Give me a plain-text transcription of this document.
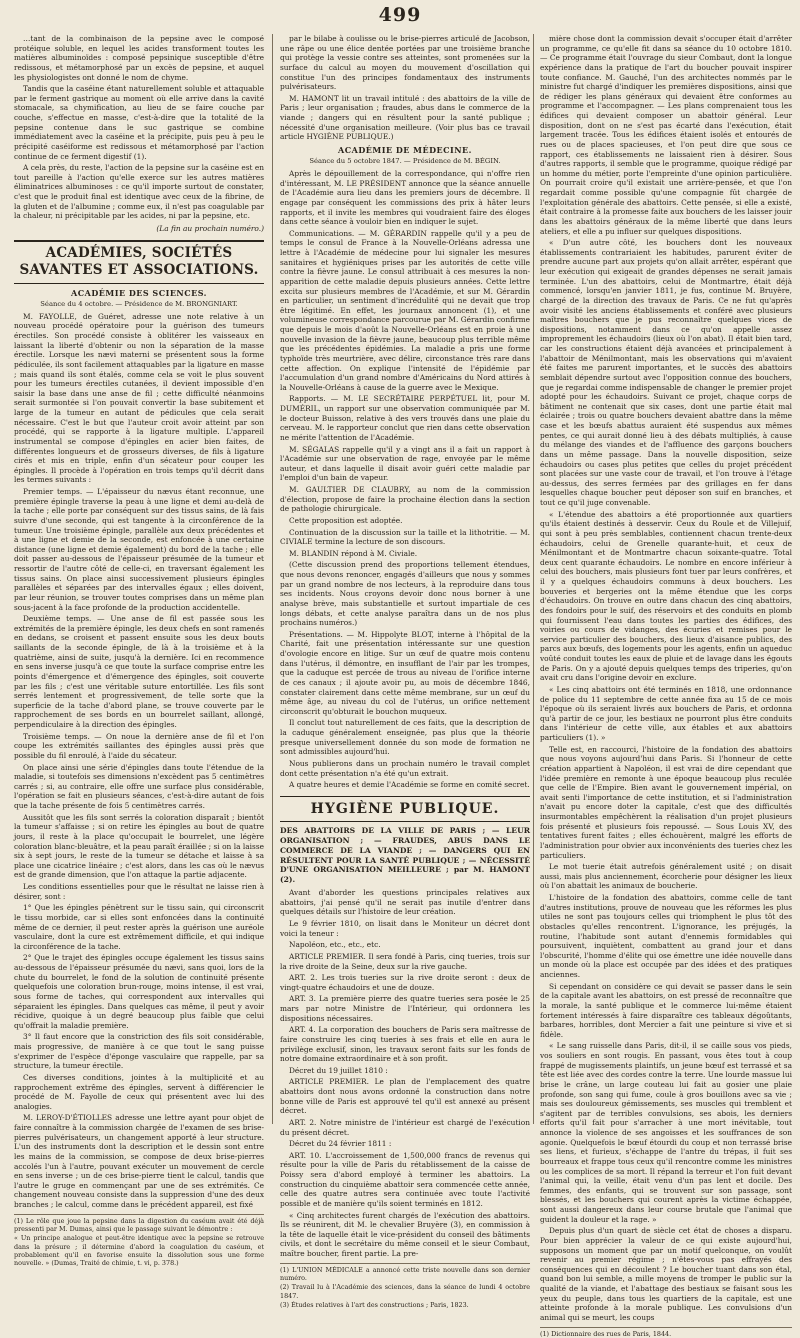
499

…tant de la combinaison de la pepsine avec le composé protéique soluble, en lequel les acides transforment toutes les matières albuminoïdes : composé pepsinique susceptible d'être redissous, et métamorphosé par un excès de pepsine, et auquel les physiologistes ont donné le nom de chyme.

Tandis que la caséine étant naturellement soluble et attaquable par le ferment gastrique au moment où elle arrive dans la cavité stomacale, sa chymification, au lieu de se faire couche par couche, s'effectue en masse, c'est-à-dire que la totalité de la pepsine contenue dans le suc gastrique se combine immédiatement avec la caséine et la précipite, puis peu à peu le précipité caséiforme est redissous et métamorphosé par l'action continue de ce ferment digestif (1).

A cela près, du reste, l'action de la pepsine sur la caséine est en tout pareille à l'action qu'elle exerce sur les autres matières éliminatrices albuminoses : ce qu'il importe surtout de constater, c'est que le produit final est identique avec ceux de la fibrine, de la gluten et de l'albumine ; comme eux, il n'est pas coagulable par la chaleur, ni précipitable par les acides, ni par la pepsine, etc.

(La fin au prochain numéro.)
ACADÉMIES, SOCIÉTÉS SAVANTES ET ASSOCIATIONS.
ACADÉMIE DES SCIENCES.
Séance du 4 octobre. — Présidence de M. BRONGNIART.

M. FAYOLLE, de Guéret, adresse une note relative à un nouveau procédé opératoire pour la guérison des tumeurs érectiles. Son procédé consiste à oblitérer les vaisseaux en laissant la liberté d'obtenir ou non la séparation de la masse érectile. Lorsque les nævi materni se présentent sous la forme pédiculée, ils sont facilement attaquables par la ligature en masse ; mais quand ils sont étalés, comme cela se voit le plus souvent pour les tumeurs érectiles cutanées, il devient impossible d'en saisir la base dans une anse de fil ; cette difficulté néanmoins serait surmontée si l'on pouvait convertir la base subitement et large de la tumeur en autant de pédicules que cela serait nécessaire. C'est le but que l'auteur croit avoir atteint par son procédé, qui se rapporte à la ligature multiple. L'appareil instrumental se compose d'épingles en acier bien faites, de différentes longueurs et de grosseurs diverses, de fils à ligature cirés et mis en triple, enfin d'un sécateur pour couper les épingles. Il procède à l'opération en trois temps qu'il décrit dans les termes suivants :

Premier temps. — L'épaisseur du nævus étant reconnue, une première épingle traverse la peau à une ligne et demi au-delà de la tache ; elle porte par conséquent sur des tissus sains, de là fais suivre d'une seconde, qui est tangente à la circonférence de la tumeur. Une troisième épingle, parallèle aux deux précédentes et à une ligne et demie de la seconde, est enfoncée à une certaine distance (une ligne et demie également) du bord de la tache ; elle doit passer au-dessous de l'épaisseur présumée de la tumeur et ressortir de l'autre côté de celle-ci, en traversant également les tissus sains. On place ainsi successivement plusieurs épingles parallèles et séparées par des intervalles égaux ; elles doivent, par leur réunion, se trouver toutes comprises dans un même plan sous-jacent à la face profonde de la production accidentelle.

Deuxième temps. — Une anse de fil est passée sous les extrémités de la première épingle, les deux chefs en sont ramenés en dedans, se croisent et passent ensuite sous les deux bouts saillants de la seconde épingle, de là à la troisième et à la quatrième, ainsi de suite, jusqu'à la dernière. Ici en recommence en sens inverse jusqu'à ce que toute la surface comprise entre les points d'émergence et d'émergence des épingles, soit couverte par les fils ; c'est une véritable suture entortillée. Les fils sont serrés lentement et progressivement, de telle sorte que la superficie de la tache d'abord plane, se trouve couverte par le rapprochement de ses bords en un bourrelet saillant, allongé, perpendiculaire à la direction des épingles.

Troisième temps. — On noue la dernière anse de fil et l'on coupe les extrémités saillantes des épingles aussi près que possible du fil enroulé, à l'aide du sécateur.

On place ainsi une série d'épingles dans toute l'étendue de la maladie, si toutefois ses dimensions n'excèdent pas 5 centimètres carrés ; si, au contraire, elle offre une surface plus considérable, l'opération se fait en plusieurs séances, c'est-à-dire autant de fois que la tache présente de fois 5 centimètres carrés.

Aussitôt que les fils sont serrés la coloration disparaît ; bientôt la tumeur s'affaisse ; si on retire les épingles au bout de quatre jours, il reste à la place qu'occupait le bourrelet, une légère coloration blanc-bleuâtre, et la peau paraît éraillée ; si on la laisse six à sept jours, le reste de la tumeur se détache et laisse à sa place une cicatrice linéaire ; c'est alors, dans les cas où le nævus est de grande dimension, que l'on attaque la partie adjacente.

Les conditions essentielles pour que le résultat ne laisse rien à désirer, sont :

1° Que les épingles pénètrent sur le tissu sain, qui circonscrit le tissu morbide, car si elles sont enfoncées dans la continuité même de ce dernier, il peut rester après la guérison une auréole vasculaire, dont la cure est extrêmement difficile, et qui indique la circonférence de la tache.

2° Que le trajet des épingles occupe également les tissus sains au-dessous de l'épaisseur présumée du nævi, sans quoi, lors de la chute du bourrelet, le fond de la solution de continuité présente quelquefois une coloration brun-rouge, moins intense, il est vrai, sous forme de taches, qui correspondent aux intervalles qui séparaient les épingles. Dans quelques cas même, il peut y avoir récidive, quoique à un degré beaucoup plus faible que celui qu'offrait la maladie première.

3° Il faut encore que la constriction des fils soit considérable, mais progressive, de manière à ce que tout le sang puisse s'exprimer de l'espèce d'éponge vasculaire que rappelle, par sa structure, la tumeur érectile.

Ces diverses conditions, jointes à la multiplicité et au rapprochement extrême des épingles, servent à différencier le procédé de M. Fayolle de ceux qui présentent avec lui des analogies.

M. LEROY-D'ÉTIOLLES adresse une lettre ayant pour objet de faire connaître à la commission chargée de l'examen de ses brise-pierres pulvérisateurs, un changement apporté à leur structure. L'un des instruments dont la description et le dessin sont entre les mains de la commission, se compose de deux brise-pierres accolés l'un à l'autre, pouvant exécuter un mouvement de cercle en sens inverse ; un de ces brise-pierre tient le calcul, tandis que l'autre le gruge en commençant par une de ses extrémités. Ce changement nouveau consiste dans la suppression d'une des deux branches ; le calcul, comme dans le précédent appareil, est fixé

(1) Le rôle que joue la pepsine dans la digestion du caséum avait été déjà pressenti par M. Dumas, ainsi que le passage suivant le démontre :

« Un principe analogue et peut-être identique avec la pepsine se retrouve dans la présure ; il détermine d'abord la coagulation du caséum, et probablement qu'il en favorise ensuite la dissolution sous une forme nouvelle. » (Dumas, Traité de chimie, t. vi, p. 378.)

par le bilabe à coulisse ou le brise-pierres articulé de Jacobson, une râpe ou une élice dentée portées par une troisième branche qui protège la vessie contre ses atteintes, sont promenées sur la surface du calcul au moyen du mouvement d'oscillation qui constitue l'un des principes fondamentaux des instruments pulvérisateurs.

M. HAMONT lit un travail intitulé : des abattoirs de la ville de Paris ; leur organisation ; fraudes, abus dans le commerce de la viande ; dangers qui en résultent pour la santé publique ; nécessité d'une organisation meilleure. (Voir plus bas ce travail article HYGIÈNE PUBLIQUE.)

ACADÉMIE DE MÉDECINE.
Séance du 5 octobre 1847. — Présidence de M. BÉGIN.

Après le dépouillement de la correspondance, qui n'offre rien d'intéressant, M. LE PRÉSIDENT annonce que la séance annuelle de l'Académie aura lieu dans les premiers jours de décembre. Il engage par conséquent les commissions des prix à hâter leurs rapports, et il invite les membres qui voudraient faire des éloges dans cette séance à vouloir bien en indiquer le sujet.

Communications. — M. GÉRARDIN rappelle qu'il y a peu de temps le consul de France à la Nouvelle-Orléans adressa une lettre à l'Académie de médecine pour lui signaler les mesures sanitaires et hygiéniques prises par les autorités de cette ville contre la fièvre jaune. Le consul attribuait à ces mesures la non-apparition de cette maladie depuis plusieurs années. Cette lettre excita sur plusieurs membres de l'Académie, et sur M. Gérardin en particulier, un sentiment d'incrédulité qui ne devait que trop être légitimé. En effet, les journaux annoncent (1), et une volumineuse correspondance parcourue par M. Gérardin confirme que depuis le mois d'août la Nouvelle-Orléans est en proie à une nouvelle invasion de la fièvre jaune, beaucoup plus terrible même que les précédentes épidémies. La maladie a pris une forme typhoïde très meurtrière, avec délire, circonstance très rare dans cette affection. On explique l'intensité de l'épidémie par l'accumulation d'un grand nombre d'Américains du Nord attirés à la Nouvelle-Orléans à cause de la guerre avec le Mexique.

Rapports. — M. LE SECRÉTAIRE PERPÉTUEL lit, pour M. DUMÉRIL, un rapport sur une observation communiquée par M. le docteur Buisson, relative à des vers trouvés dans une plaie du cerveau. M. le rapporteur conclut que rien dans cette observation ne mérite l'attention de l'Académie.

M. SÉGALAS rappelle qu'il y a vingt ans il a fait un rapport à l'Académie sur une observation de rage, envoyée par le même auteur, et dans laquelle il disait avoir guéri cette maladie par l'emploi d'un bain de vapeur.

M. GAULTIER DE CLAUBRY, au nom de la commission d'élection, propose de faire la prochaine élection dans la section de pathologie chirurgicale.

Cette proposition est adoptée.

Continuation de la discussion sur la taille et la lithotritie. — M. CIVIALE termine la lecture de son discours.

M. BLANDIN répond à M. Civiale.

(Cette discussion prend des proportions tellement étendues, que nous devons renoncer, engagés d'ailleurs que nous y sommes par un grand nombre de nos lecteurs, à la reproduire dans tous ses incidents. Nous croyons devoir donc nous borner à une analyse brève, mais substantielle et surtout impartiale de ces longs débats, et cette analyse paraîtra dans un de nos plus prochains numéros.)

Présentations. — M. Hippolyte BLOT, interne à l'hôpital de la Charité, fait une présentation intéressante sur une question d'ovologie encore en litige. Sur un œuf de quatre mois contenu dans l'utérus, il démontre, en insufflant de l'air par les trompes, que la caduque est percée de trous au niveau de l'orifice interne de ces canaux ; il ajoute avoir pu, au mois de décembre 1846, constater clairement dans cette même membrane, sur un œuf du même âge, au niveau du col de l'utérus, un orifice nettement circonscrit qu'obturait le bouchon muqueux.

Il conclut tout naturellement de ces faits, que la description de la caduque généralement enseignée, pas plus que la théorie presque universellement donnée du son mode de formation ne sont admissibles aujourd'hui.

Nous publierons dans un prochain numéro le travail complet dont cette présentation n'a été qu'un extrait.

A quatre heures et demie l'Académie se forme en comité secret.

HYGIÈNE PUBLIQUE.
DES ABATTOIRS DE LA VILLE DE PARIS ; — LEUR ORGANISATION ; — FRAUDES, ABUS DANS LE COMMERCE DE LA VIANDE ; — DANGERS QUI EN RÉSULTENT POUR LA SANTÉ PUBLIQUE ; — NÉCESSITÉ D'UNE ORGANISATION MEILLEURE ; par M. HAMONT (2).

Avant d'aborder les questions principales relatives aux abattoirs, j'ai pensé qu'il ne serait pas inutile d'entrer dans quelques détails sur l'histoire de leur création.

Le 9 février 1810, on lisait dans le Moniteur un décret dont voici la teneur :

Napoléon, etc., etc., etc.

ARTICLE PREMIER. Il sera fondé à Paris, cinq tueries, trois sur la rive droite de la Seine, deux sur la rive gauche.

ART. 2. Les trois tueries sur la rive droite seront : deux de vingt-quatre échaudoirs et une de douze.

ART. 3. La première pierre des quatre tueries sera posée le 25 mars par notre Ministre de l'Intérieur, qui ordonnera les dispositions nécessaires.

ART. 4. La corporation des bouchers de Paris sera maîtresse de faire construire les cinq tueries à ses frais et elle en aura le privilège exclusif, sinon, les travaux seront faits sur les fonds de notre domaine extraordinaire et à son profit.

Décret du 19 juillet 1810 :

ARTICLE PREMIER. Le plan de l'emplacement des quatre abattoirs dont nous avons ordonné la construction dans notre bonne ville de Paris est approuvé tel qu'il est annexé au présent décret.

ART. 2. Notre ministre de l'intérieur est chargé de l'exécution du présent décret.

Décret du 24 février 1811 :

ART. 10. L'accroissement de 1,500,000 francs de revenus qui résulte pour la ville de Paris du rétablissement de la caisse de Poissy sera d'abord employé à terminer les abattoirs. La construction du cinquième abattoir sera commencée cette année, celle des quatre autres sera continuée avec toute l'activité possible et de manière qu'ils soient terminés en 1812.

« Cinq architectes furent chargés de l'exécution des abattoirs. Ils se réunirent, dit M. le chevalier Bruyère (3), en commission à la tête de laquelle était le vice-président du conseil des bâtiments civils, et dont le secrétaire du même conseil et le sieur Combaut, maître boucher, firent partie. La pre-

(1) L'UNION MÉDICALE a annoncé cette triste nouvelle dans son dernier numéro.

(2) Travail lu à l'Académie des sciences, dans la séance de lundi 4 octobre 1847.

(3) Études relatives à l'art des constructions ; Paris, 1823.

mière chose dont la commission devait s'occuper était d'arrêter un programme, ce qu'elle fit dans sa séance du 10 octobre 1810. — Ce programme était l'ouvrage du sieur Combaut, dont la longue expérience dans la pratique de l'art du boucher pouvait inspirer toute confiance. M. Gauché, l'un des architectes nommés par le ministre fut chargé d'indiquer les premières dispositions, ainsi que de rédiger les plans généraux qui devaient être conformes au programme et l'accompagner. — Les plans comprenaient tous les édifices qui devaient composer un abattoir général. Leur disposition, dont on ne s'est pas écarté dans l'exécution, était largement tracée. Tous les édifices étaient isolés et entourés de rues ou de places spacieuses, et l'on peut dire que sous ce rapport, ces établissements ne laissaient rien à désirer. Sous d'autres rapports, il semble que le programme, quoique rédigé par un homme du métier, porte l'empreinte d'une opinion particulière. On pourrait croire qu'il existait une arrière-pensée, et que l'on regardait comme possible qu'une compagnie fût chargée de l'exploitation générale des abattoirs. Cette pensée, si elle a existé, était contraire à la promesse faite aux bouchers de les laisser jouir dans les abattoirs généraux de la même liberté que dans leurs ateliers, et elle a pu influer sur quelques dispositions.

« D'un autre côté, les bouchers dont les nouveaux établissements contrariaient les habitudes, parurent éviter de prendre aucune part aux projets qu'on allait arrêter, espérant que leur exécution qui exigeait de grandes dépenses ne serait jamais terminée. L'un des abattoirs, celui de Montmartre, était déjà commencé, lorsqu'en janvier 1811, je fus, continue M. Bruyère, chargé de la direction des travaux de Paris. Ce ne fut qu'après avoir visité les anciens établissements et conféré avec plusieurs maîtres bouchers que je pus reconnaître quelques vices de dispositions, notamment dans ce qu'on appelle assez improprement les échaudoirs (lieux où l'on abat). Il était bien tard, car les constructions étaient déjà avancées et principalement à l'abattoir de Ménilmontant, mais les observations qui m'avaient été faites me parurent importantes, et le succès des abattoirs semblait dépendre surtout avec l'opposition connue des bouchers, que je regardai comme indispensable de changer le premier projet adopté pour les échaudoirs. Suivant ce projet, chaque corps de bâtiment ne contenait que six cases, dont une partie était mal éclairée ; trois ou quatre bouchers devaient abattre dans la même case et les bœufs abattus auraient été suspendus aux mêmes pentes, ce qui aurait donné lieu à des débats multipliés, à cause du mélange des viandes et de l'affluence des garçons bouchers dans un même passage. Dans la nouvelle disposition, seize échaudoirs ou cases plus petites que celles du projet précédent sont placées sur une vaste cour de travail, et l'on trouve à l'étage au-dessus, des serres fermées par des grillages en fer dans lesquelles chaque boucher peut déposer son suif en branches, et tout ce qu'il juge convenable.

« L'étendue des abattoirs a été proportionnée aux quartiers qu'ils étaient destinés à desservir. Ceux du Roule et de Villejuif, qui sont à peu près semblables, contiennent chacun trente-deux échaudoirs, celui de Grenelle quarante-huit, et ceux de Ménilmontant et de Montmartre chacun soixante-quatre. Total deux cent quarante échaudoirs. Le nombre en encore inférieur à celui des bouchers, mais plusieurs font tuer par leurs confrères, et il y a quelques échaudoirs communs à deux bouchers. Les bouveries et bergeries ont la même étendue que les corps d'échaudoirs. On trouve en outre dans chacun des cinq abattoirs, des fondoirs pour le suif, des réservoirs et des conduits en plomb qui fournissent l'eau dans toutes les parties des édifices, des voiries ou cours de vidanges, des écuries et remises pour le service particulier des bouchers, des lieux d'aisance publics, des parcs aux bœufs, des logements pour les agents, enfin un aqueduc voûté conduit toutes les eaux de pluie et de lavage dans les égouts de Paris. On y a ajouté depuis quelques temps des triperies, qu'on avait cru dans l'origine devoir en exclure.

« Les cinq abattoirs ont été terminés en 1818, une ordonnance de police du 11 septembre de cette année fixa au 15 de ce mois l'époque où ils seraient livrés aux bouchers de Paris, et ordonna qu'à partir de ce jour, les bestiaux ne pourront plus être conduits dans l'intérieur de cette ville, aux étables et aux abattoirs particuliers (1). »

Telle est, en raccourci, l'histoire de la fondation des abattoirs que nous voyons aujourd'hui dans Paris. Si l'honneur de cette création appartient à Napoléon, il est vrai de dire cependant que l'idée première en remonte à une époque beaucoup plus reculée que celle de l'Empire. Bien avant le gouvernement impérial, on avait senti l'importance de cette institution, et si l'administration n'avait pu encore doter la capitale, c'est que des difficultés insurmontables empêchèrent la réalisation d'un projet plusieurs fois présenté et plusieurs fois repoussé. — Sous Louis XV, des tentatives furent faites ; elles échouèrent, malgré les efforts de l'administration pour obvier aux inconvénients des tueries chez les particuliers.

Le mot tuerie était autrefois généralement usité ; on disait aussi, mais plus anciennement, écorcherie pour désigner les lieux où l'on abattait les animaux de boucherie.

L'histoire de la fondation des abattoirs, comme celle de tant d'autres institutions, prouve de nouveau que les réformes les plus utiles ne sont pas toujours celles qui triomphent le plus tôt des obstacles qu'elles rencontrent. L'ignorance, les préjugés, la routine, l'habitude sont autant d'ennemis formidables qui poursuivent, inquiètent, combattent au grand jour et dans l'obscurité, l'homme d'élite qui ose émettre une idée nouvelle dans un monde où la place est occupée par des idées et des pratiques anciennes.

Si cependant on considère ce qui devait se passer dans le sein de la capitale avant les abattoirs, on est pressé de reconnaître que la morale, la santé publique et le commerce lui-même étaient fortement intéressés à faire disparaître ces tableaux dégoûtants, barbares, horribles, dont Mercier a fait une peinture si vive et si fidèle.

« Le sang ruisselle dans Paris, dit-il, il se caille sous vos pieds, vos souliers en sont rougis. En passant, vous êtes tout à coup frappé de mugissements plaintifs, un jeune bœuf est terrassé et sa tête est liée avec des cordes contre la terre. Une lourde massue lui brise le crâne, un large couteau lui fait au gosier une plaie profonde, son sang qui fume, coule à gros bouillons avec sa vie ; mais ses douloureux gémissements, ses muscles qui tremblent et s'agitent par de terribles convulsions, ses abois, les derniers efforts qu'il fait pour s'arracher à une mort inévitable, tout annonce la violence de ses angoisses et les souffrances de son agonie. Quelquefois le bœuf étourdi du coup et non terrassé brise ses liens, et furieux, s'échappe de l'antre du trépas, il fuit ses bourreaux et frappe tous ceux qu'il rencontre comme les ministres ou les complices de sa mort. Il répand la terreur et l'on fuit devant l'animal qui, la veille, était venu d'un pas lent et docile. Des femmes, des enfants, qui se trouvent sur son passage, sont blessés, et les bouchers qui courent après la victime échappée, sont aussi dangereux dans leur course brutale que l'animal que guident la douleur et la rage. »

Depuis plus d'un quart de siècle cet état de choses a disparu. Pour bien apprécier la valeur de ce qui existe aujourd'hui, supposons un moment que par un motif quelconque, on voulût revenir au premier régime ; n'êtes-vous pas effrayés des conséquences qui en découlent ? Le boucher tuant dans son étal, quand bon lui semble, a mille moyens de tromper le public sur la qualité de la viande, et l'abattage des bestiaux se faisant sous les yeux du peuple, dans tous les quartiers de la capitale, est une atteinte profonde à la morale publique. Les convulsions d'un animal qui se meurt, les coups

(1) Dictionnaire des rues de Paris, 1844.
